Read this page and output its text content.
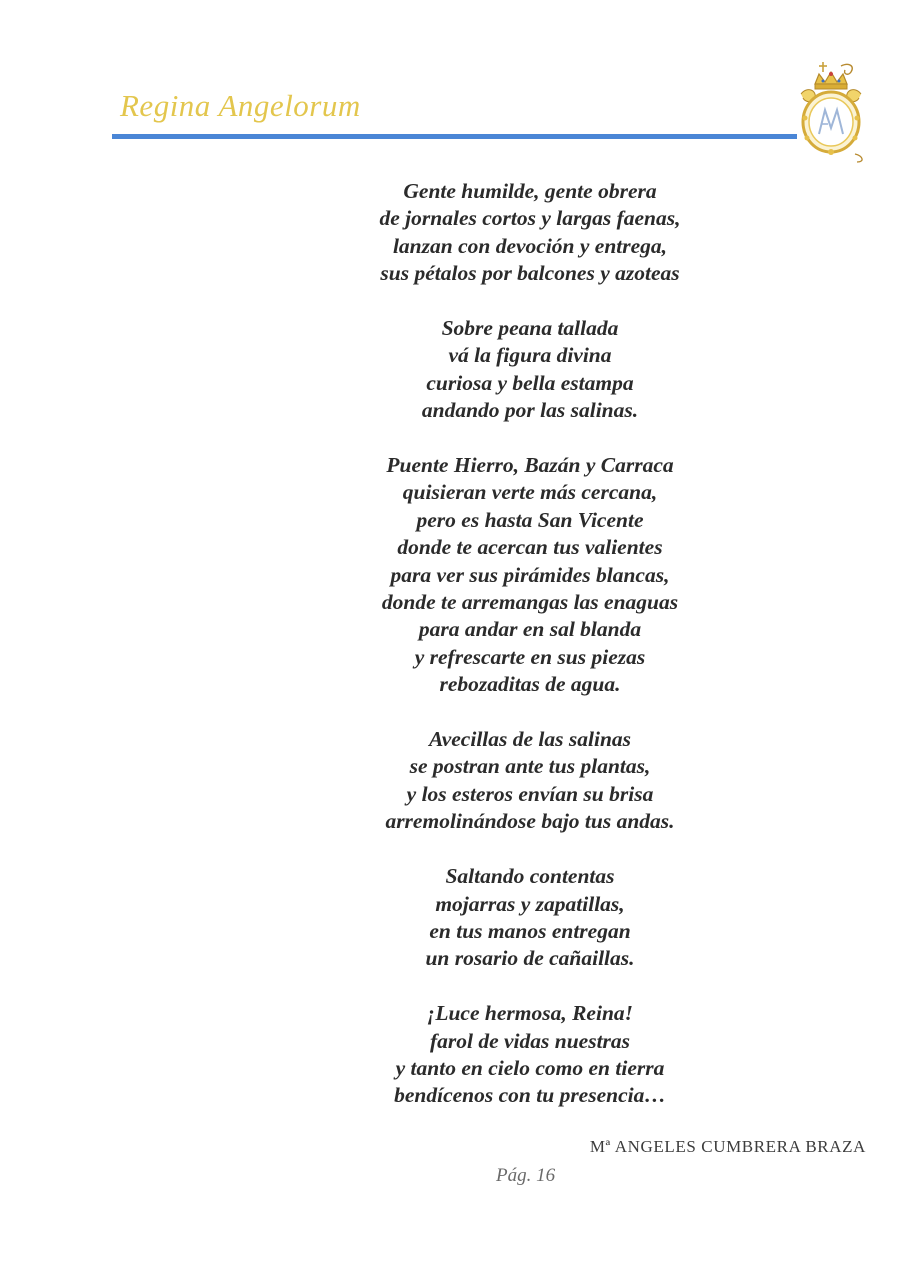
Regina Angelorum
Gente humilde, gente obrera
de jornales cortos y largas faenas,
lanzan con devoción y entrega,
sus pétalos por balcones y azoteas
Sobre peana tallada
vá la figura divina
curiosa y bella estampa
andando por las salinas.
Puente Hierro, Bazán y Carraca
quisieran verte más cercana,
pero es hasta San Vicente
donde te acercan tus valientes
para ver sus pirámides blancas,
donde te arremangas las enaguas
para andar en sal blanda
y refrescarte en sus piezas
rebozaditas de agua.
Avecillas de las salinas
se postran ante tus plantas,
y los esteros envían su brisa
arremolinándose bajo tus andas.
Saltando contentas
mojarras y zapatillas,
en tus manos entregan
un rosario de cañaillas.
¡Luce hermosa, Reina!
farol de vidas nuestras
y tanto en cielo como en tierra
bendícenos con tu presencia…
Mª ANGELES CUMBRERA BRAZA
Pág. 16
